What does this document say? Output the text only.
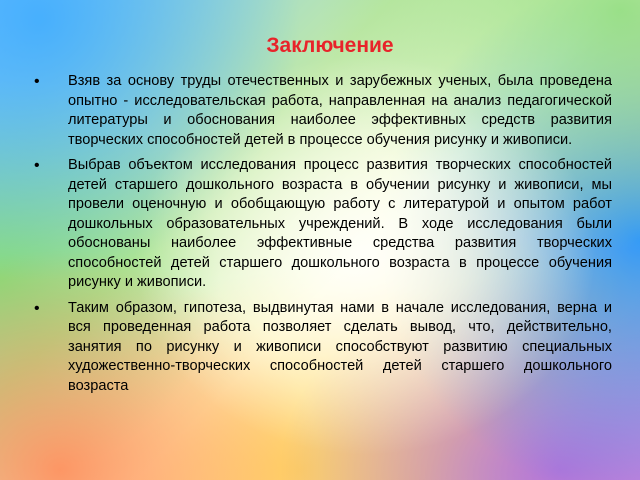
Заключение
• Взяв за основу труды отечественных и зарубежных ученых, была проведена опытно - исследовательская работа, направленная на анализ педагогической литературы и обоснования наиболее эффективных средств развития творческих способностей детей в процессе обучения рисунку и живописи.
• Выбрав объектом исследования процесс развития творческих способностей детей старшего дошкольного возраста в обучении рисунку и живописи, мы провели оценочную и обобщающую работу с литературой и опытом работ дошкольных образовательных учреждений. В ходе исследования были обоснованы наиболее эффективные средства развития творческих способностей детей старшего дошкольного возраста в процессе обучения рисунку и живописи.
• Таким образом, гипотеза, выдвинутая нами в начале исследования, верна и вся проведенная работа позволяет сделать вывод, что, действительно, занятия по рисунку и живописи способствуют развитию специальных художественно-творческих способностей детей старшего дошкольного возраста
